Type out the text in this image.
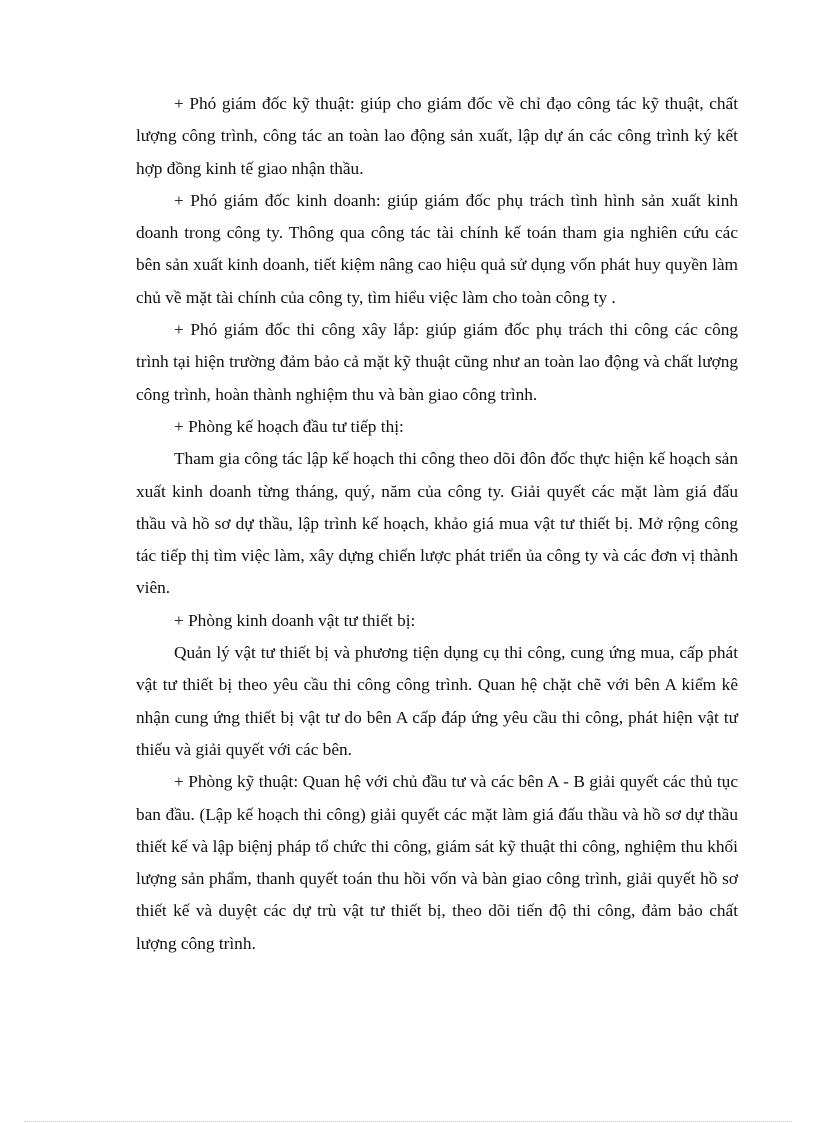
+ Phó giám đốc kỹ thuật: giúp cho giám đốc về chỉ đạo công tác kỹ thuật, chất lượng công trình, công tác an toàn lao động sản xuất, lập dự án các công trình ký kết hợp đồng kinh tế giao nhận thầu.

+ Phó giám đốc kinh doanh: giúp giám đốc phụ trách tình hình sản xuất kinh doanh trong công ty. Thông qua công tác tài chính kế toán tham gia nghiên cứu các bên sản xuất kinh doanh, tiết kiệm nâng cao hiệu quả sử dụng vốn phát huy quyền làm chủ về mặt tài chính của công ty, tìm hiểu việc làm cho toàn công ty .

+ Phó giám đốc thi công xây lắp: giúp giám đốc phụ trách thi công các công trình tại hiện trường đảm bảo cả mặt kỹ thuật cũng như an toàn lao động và chất lượng công trình, hoàn thành nghiệm thu và bàn giao công trình.

+ Phòng kế hoạch đầu tư tiếp thị:

Tham gia công tác lập kế hoạch thi công theo dõi đôn đốc thực hiện kế hoạch sản xuất kinh doanh từng tháng, quý, năm của công ty. Giải quyết các mặt làm giá đấu thầu và hồ sơ dự thầu, lập trình kế hoạch, khảo giá mua vật tư thiết bị. Mở rộng công tác tiếp thị tìm việc làm, xây dựng chiến lược phát triển ủa công ty và các đơn vị thành viên.

+ Phòng kinh doanh vật tư thiết bị:

Quản lý vật tư thiết bị và phương tiện dụng cụ thi công, cung ứng mua, cấp phát vật tư thiết bị theo yêu cầu thi công công trình. Quan hệ chặt chẽ với bên A kiểm kê nhận cung ứng thiết bị vật tư do bên A cấp đáp ứng yêu cầu thi công, phát hiện vật tư thiếu và giải quyết với các bên.

+ Phòng kỹ thuật: Quan hệ với chủ đầu tư và các bên A - B giải quyết các thủ tục ban đầu. (Lập kế hoạch thi công) giải quyết các mặt làm giá đấu thầu và hồ sơ dự thầu thiết kế và lập biệnj pháp tổ chức thi công, giám sát kỹ thuật thi công, nghiệm thu khối lượng sản phẩm, thanh quyết toán thu hồi vốn và bàn giao công trình, giải quyết hồ sơ thiết kế và duyệt các dự trù vật tư thiết bị, theo dõi tiến độ thi công, đảm bảo chất lượng công trình.
